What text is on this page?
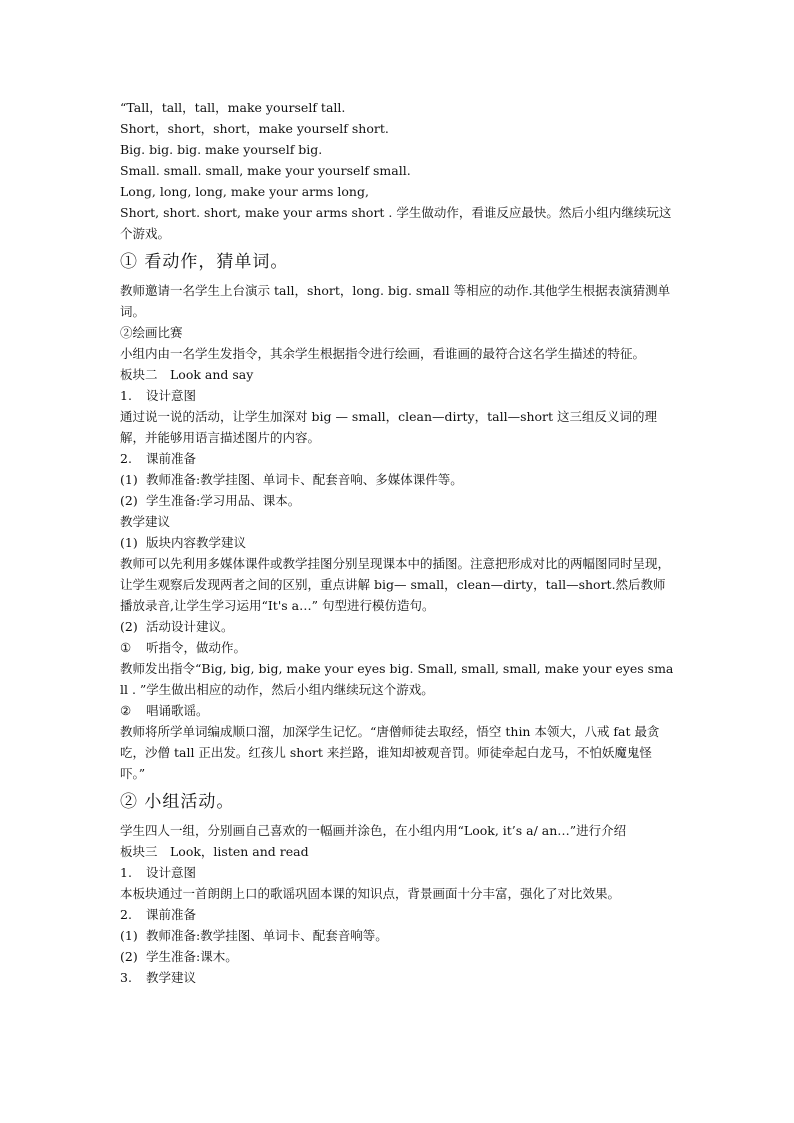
“Tall，tall，tall，make yourself tall.

Short，short，short，make yourself short.

Big. big. big. make yourself big.

Small. small. small, make your yourself small.

Long, long, long, make your arms long,

Short, short. short, make your arms short . 学生做动作，看谁反应最快。然后小组内继续玩这个游戏。

① 看动作，猜单词。

教师邀请一名学生上台演示 tall，short，long. big. small 等相应的动作.其他学生根据表演猜测单词。

②绘画比赛

小组内由一名学生发指令，其余学生根据指令进行绘画，看谁画的最符合这名学生描述的特征。

板块二　Look and say

1. 设计意图

通过说一说的活动，让学生加深对 big — small，clean—dirty，tall—short 这三组反义词的理解，并能够用语言描述图片的内容。

2. 课前准备

(1) 教师准备:教学挂图、单词卡、配套音响、多媒体课件等。

(2) 学生准备:学习用品、课本。

教学建议

(1) 版块内容教学建议

教师可以先利用多媒体课件或教学挂图分别呈现课本中的插图。注意把形成对比的两幅图同时呈现，让学生观察后发现两者之间的区别，重点讲解 big— small，clean—dirty，tall—short.然后教师播放录音,让学生学习运用“It's a…” 句型进行模仿造句。

(2) 活动设计建议。

① 听指令，做动作。

教师发出指令“Big, big, big, make your eyes big. Small, small, small, make your eyes small . ”学生做出相应的动作，然后小组内继续玩这个游戏。

② 唱诵歌谣。

教师将所学单词编成顺口溜，加深学生记忆。“唐僧师徒去取经，悟空 thin 本领大，八戒 fat 最贪吃，沙僧 tall 正出发。红孩儿 short 来拦路，谁知却被观音罚。师徒牵起白龙马，不怕妖魔鬼怪吓。”

② 小组活动。

学生四人一组，分别画自己喜欢的一幅画并涂色，在小组内用“Look, it’s a/ an…”进行介绍

板块三　Look，listen and read

1. 设计意图

本板块通过一首朗朗上口的歌谣巩固本课的知识点，背景画面十分丰富，强化了对比效果。

2. 课前准备

(1) 教师准备:教学挂图、单词卡、配套音响等。

(2) 学生准备:课木。

3. 教学建议
